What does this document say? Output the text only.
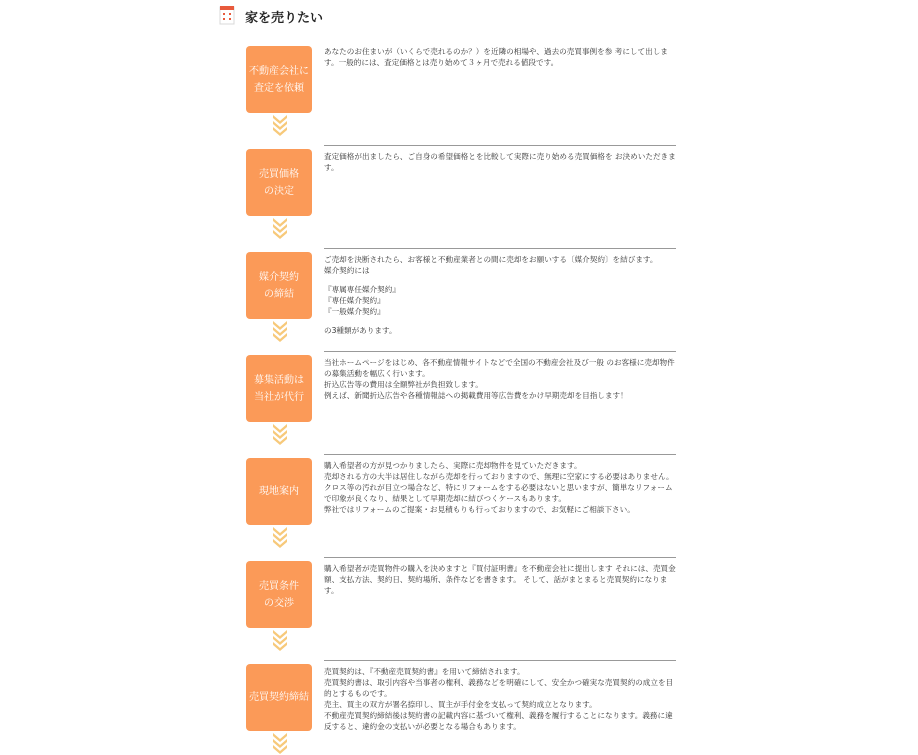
家を売りたい
不動産会社に
査定を依頼

あなたのお住まいが（いくらで売れるのか？）を近隣の相場や、過去の売買事例を参 考にして出します。一般的には、査定価格とは売り始めて３ヶ月で売れる値段です。

売買価格
の決定

査定価格が出ましたら、ご自身の希望価格とを比較して実際に売り始める売買価格を お決めいただきます。

媒介契約
の締結

ご売却を決断されたら、お客様と不動産業者との間に売却をお願いする〔媒介契約〕を結びます。

媒介契約には

『専属専任媒介契約』

『専任媒介契約』

『一般媒介契約』

の3種類があります。

募集活動は
当社が代行

当社ホームページをはじめ、各不動産情報サイトなどで全国の不動産会社及び一般 のお客様に売却物件の募集活動を幅広く行います。

折込広告等の費用は全額弊社が負担致します。

例えば、新聞折込広告や各種情報誌への掲載費用等広告費をかけ早期売却を目指します！

現地案内

購入希望者の方が見つかりましたら、実際に売却物件を見ていただきます。

売却される方の大半は居住しながら売却を行っておりますので、無理に空家にする必要はありません。

クロス等の汚れが目立つ場合など、特にリフォームをする必要はないと思いますが、簡単なリフォームで印象が良くなり、結果として早期売却に結びつくケースもあります。

弊社ではリフォームのご提案・お見積もりも行っておりますので、お気軽にご相談下さい。

売買条件
の交渉

購入希望者が売買物件の購入を決めますと『買付証明書』を不動産会社に提出します それには、売買金額、支払方法、契約日、契約場所、条件などを書きます。 そして、話がまとまると売買契約になります。

売買契約締結

売買契約は、『不動産売買契約書』を用いて締結されます。

売買契約書は、取引内容や当事者の権利、義務などを明確にして、安全かつ確実な売買契約の成立を目的とするものです。

売主、買主の双方が署名捺印し、買主が手付金を支払って契約成立となります。

不動産売買契約締結後は契約書の記載内容に基づいて権利、義務を履行することになります。義務に違反すると、違約金の支払いが必要となる場合もあります。
